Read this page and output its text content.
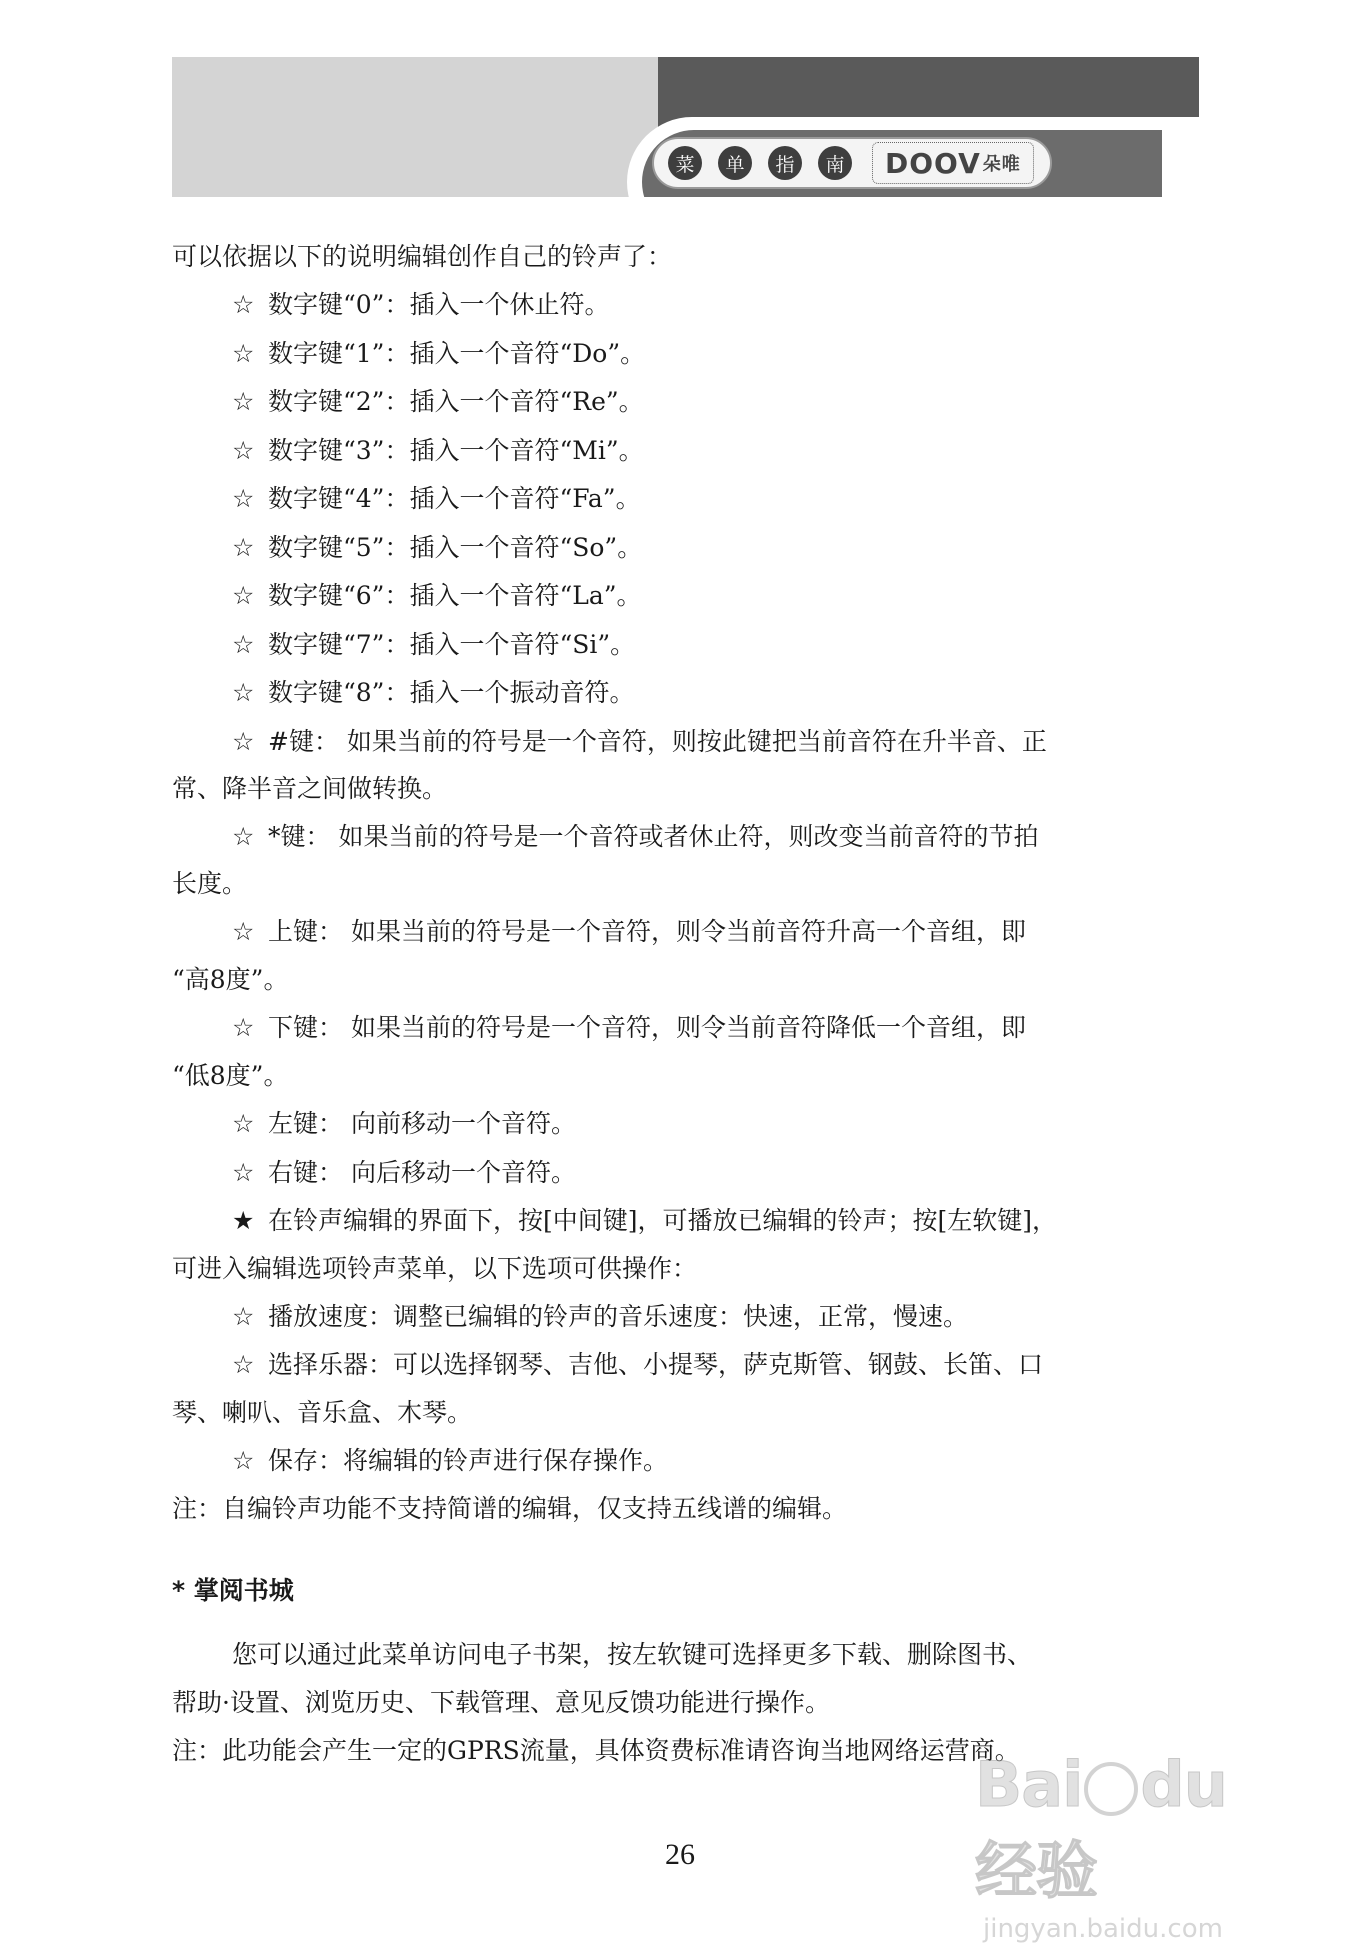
菜	单	指	南 DOOV 朵唯
可以依据以下的说明编辑创作自己的铃声了：
☆ 数字键“0”：插入一个休止符。
☆ 数字键“1”：插入一个音符“Do”。
☆ 数字键“2”：插入一个音符“Re”。
☆ 数字键“3”：插入一个音符“Mi”。
☆ 数字键“4”：插入一个音符“Fa”。
☆ 数字键“5”：插入一个音符“So”。
☆ 数字键“6”：插入一个音符“La”。
☆ 数字键“7”：插入一个音符“Si”。
☆ 数字键“8”：插入一个振动音符。
☆ #键： 如果当前的符号是一个音符，则按此键把当前音符在升半音、正
常、降半音之间做转换。
☆ *键： 如果当前的符号是一个音符或者休止符，则改变当前音符的节拍
长度。
☆ 上键： 如果当前的符号是一个音符，则令当前音符升高一个音组，即
“高8度”。
☆ 下键： 如果当前的符号是一个音符，则令当前音符降低一个音组，即
“低8度”。
☆ 左键： 向前移动一个音符。
☆ 右键： 向后移动一个音符。
★ 在铃声编辑的界面下，按[中间键]，可播放已编辑的铃声；按[左软键]，
可进入编辑选项铃声菜单，以下选项可供操作：
☆ 播放速度：调整已编辑的铃声的音乐速度：快速，正常，慢速。
☆ 选择乐器：可以选择钢琴、吉他、小提琴，萨克斯管、钢鼓、长笛、口
琴、喇叭、音乐盒、木琴。
☆ 保存：将编辑的铃声进行保存操作。
注：自编铃声功能不支持简谱的编辑，仅支持五线谱的编辑。
* 掌阅书城
您可以通过此菜单访问电子书架，按左软键可选择更多下载、删除图书、
帮助·设置、浏览历史、下载管理、意见反馈功能进行操作。
注：此功能会产生一定的GPRS流量，具体资费标准请咨询当地网络运营商。
Bai du经验
jingyan.baidu.com
26
